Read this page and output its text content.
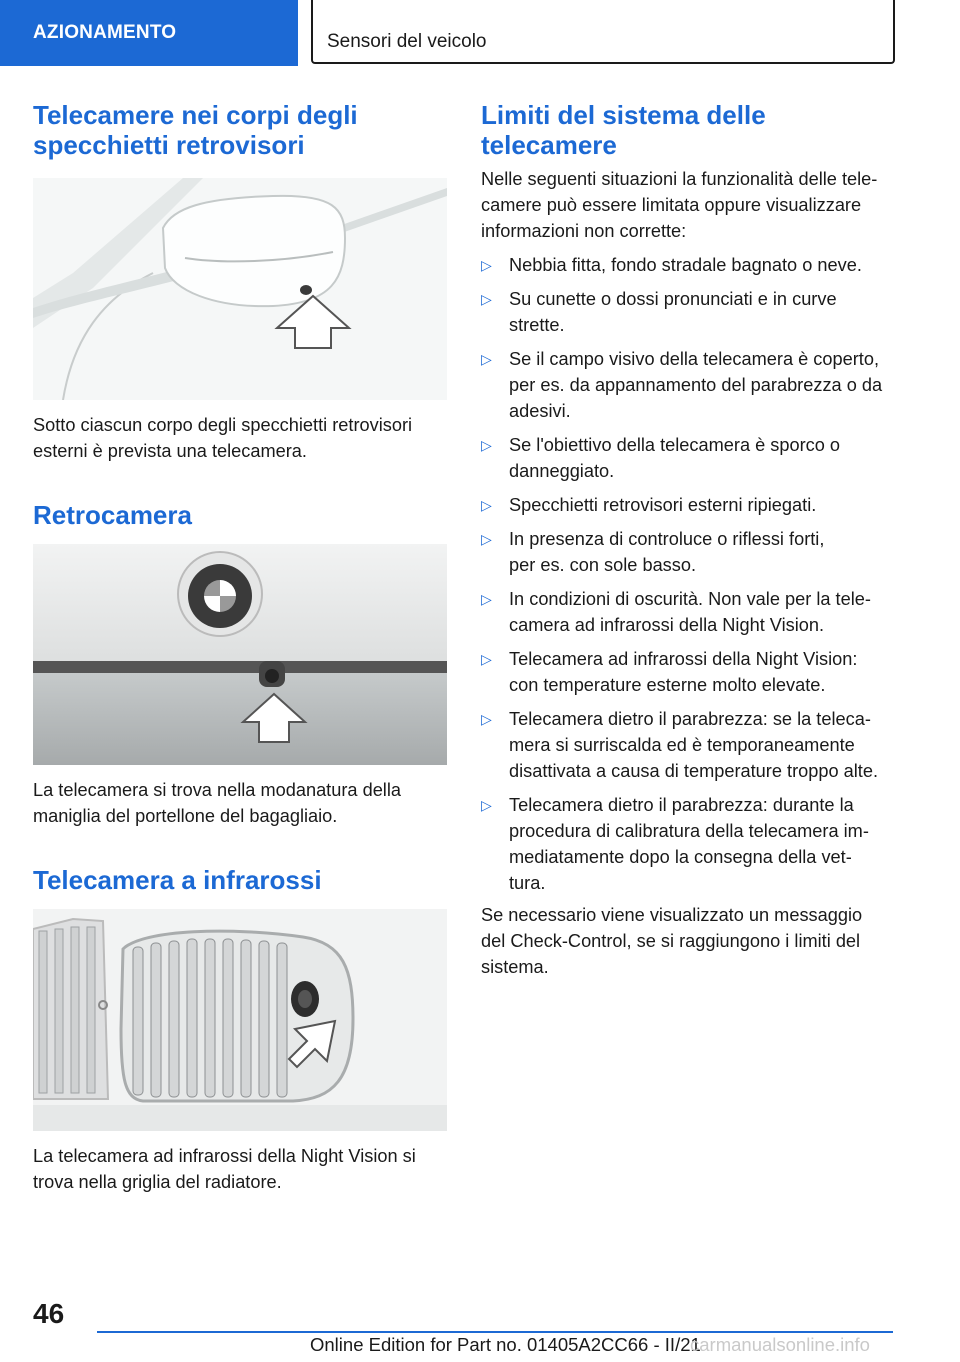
AZIONAMENTO	Sensori del veicolo
Telecamere nei corpi degli
specchietti retrovisori

Sotto ciascun corpo degli specchietti retrovisori
esterni è prevista una telecamera.

Retrocamera

La telecamera si trova nella modanatura della
maniglia del portellone del bagagliaio.

Telecamera a infrarossi

La telecamera ad infrarossi della Night Vision si
trova nella griglia del radiatore.

Limiti del sistema delle
telecamere

Nelle seguenti situazioni la funzionalità delle tele-
camere può essere limitata oppure visualizzare
informazioni non corrette:

▷ Nebbia fitta, fondo stradale bagnato o neve.
▷ Su cunette o dossi pronunciati e in curve
strette.
▷ Se il campo visivo della telecamera è coperto,
per es. da appannamento del parabrezza o da
adesivi.
▷ Se l'obiettivo della telecamera è sporco o
danneggiato.
▷ Specchietti retrovisori esterni ripiegati.
▷ In presenza di controluce o riflessi forti,
per es. con sole basso.
▷ In condizioni di oscurità. Non vale per la tele-
camera ad infrarossi della Night Vision.
▷ Telecamera ad infrarossi della Night Vision:
con temperature esterne molto elevate.
▷ Telecamera dietro il parabrezza: se la teleca-
mera si surriscalda ed è temporaneamente
disattivata a causa di temperature troppo alte.
▷ Telecamera dietro il parabrezza: durante la
procedura di calibratura della telecamera im-
mediatamente dopo la consegna della vet-
tura.

Se necessario viene visualizzato un messaggio
del Check-Control, se si raggiungono i limiti del
sistema.

46
Online Edition for Part no. 01405A2CC66 - II/21
carmanualsonline.info
